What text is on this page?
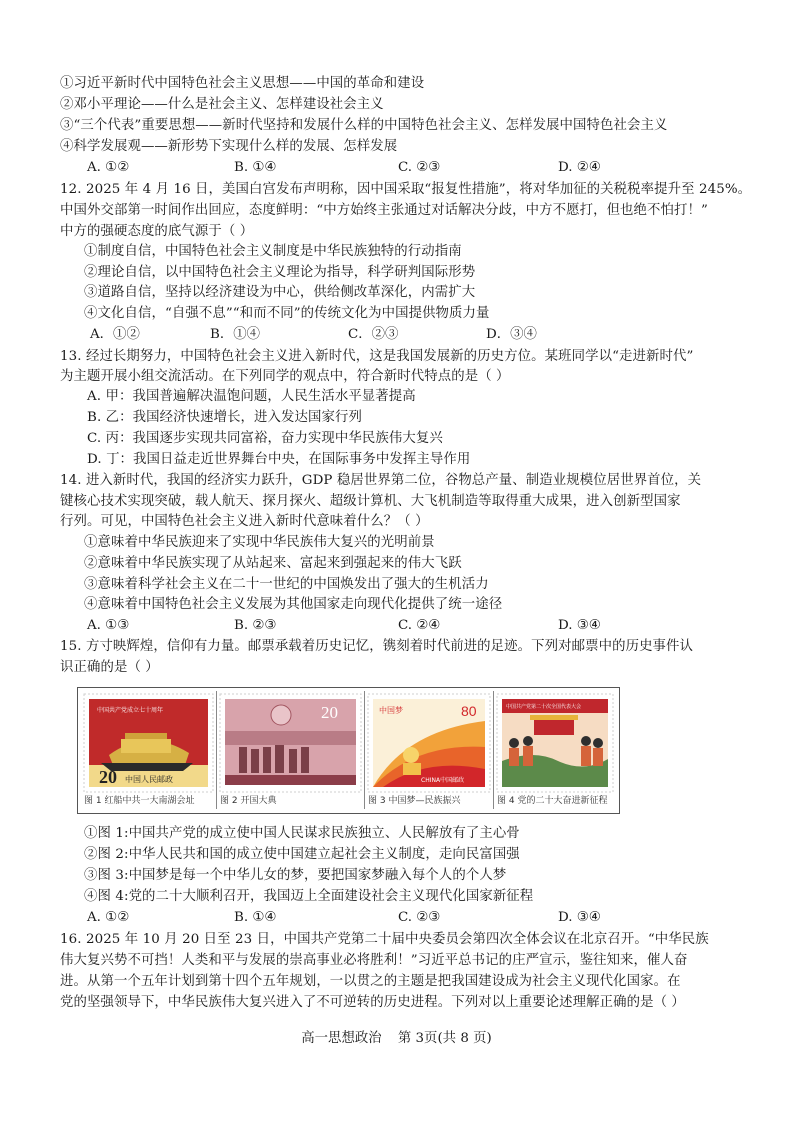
①习近平新时代中国特色社会主义思想——中国的革命和建设
②邓小平理论——什么是社会主义、怎样建设社会主义
③“三个代表”重要思想——新时代坚持和发展什么样的中国特色社会主义、怎样发展中国特色社会主义
④科学发展观——新形势下实现什么样的发展、怎样发展
A. ①②	B. ①④	C. ②③	D. ②④
12. 2025 年 4 月 16 日，美国白宫发布声明称，因中国采取“报复性措施”，将对华加征的关税税率提升至 245%。
中国外交部第一时间作出回应，态度鲜明：“中方始终主张通过对话解决分歧，中方不愿打，但也绝不怕打！”
中方的强硬态度的底气源于（ ）
①制度自信，中国特色社会主义制度是中华民族独特的行动指南
②理论自信，以中国特色社会主义理论为指导，科学研判国际形势
③道路自信，坚持以经济建设为中心，供给侧改革深化，内需扩大
④文化自信，“自强不息”“和而不同”的传统文化为中国提供物质力量
A．①②	B．①④	C．②③	D．③④
13. 经过长期努力，中国特色社会主义进入新时代，这是我国发展新的历史方位。某班同学以“走进新时代”
为主题开展小组交流活动。在下列同学的观点中，符合新时代特点的是（ ）
A. 甲：我国普遍解决温饱问题，人民生活水平显著提高
B. 乙：我国经济快速增长，进入发达国家行列
C. 丙：我国逐步实现共同富裕，奋力实现中华民族伟大复兴
D. 丁：我国日益走近世界舞台中央，在国际事务中发挥主导作用
14. 进入新时代，我国的经济实力跃升，GDP 稳居世界第二位，谷物总产量、制造业规模位居世界首位，关
键核心技术实现突破，载人航天、探月探火、超级计算机、大飞机制造等取得重大成果，进入创新型国家
行列。可见，中国特色社会主义进入新时代意味着什么？（ ）
①意味着中华民族迎来了实现中华民族伟大复兴的光明前景
②意味着中华民族实现了从站起来、富起来到强起来的伟大飞跃
③意味着科学社会主义在二十一世纪的中国焕发出了强大的生机活力
④意味着中国特色社会主义发展为其他国家走向现代化提供了统一途径
A. ①③	B. ②③	C. ②④	D. ③④
15. 方寸映辉煌，信仰有力量。邮票承载着历史记忆，镌刻着时代前进的足迹。下列对邮票中的历史事件认
识正确的是（ ）
中国共产党成立七十周年
20 中国人民邮政
图 1 红船中共一大南湖会址
20
图 2 开国大典
中国梦	80
CHINA中国邮政
图 3 中国梦—民族振兴
中国共产党第二十次全国代表大会
图 4 党的二十大奋进新征程
①图 1:中国共产党的成立使中国人民谋求民族独立、人民解放有了主心骨
②图 2:中华人民共和国的成立使中国建立起社会主义制度，走向民富国强
③图 3:中国梦是每一个中华儿女的梦，要把国家梦融入每个人的个人梦
④图 4:党的二十大顺利召开，我国迈上全面建设社会主义现代化国家新征程
A. ①②	B. ①④	C. ②③	D. ③④
16. 2025 年 10 月 20 日至 23 日，中国共产党第二十届中央委员会第四次全体会议在北京召开。“中华民族
伟大复兴势不可挡！人类和平与发展的崇高事业必将胜利！”习近平总书记的庄严宣示，鉴往知来，催人奋
进。从第一个五年计划到第十四个五年规划，一以贯之的主题是把我国建设成为社会主义现代化国家。在
党的坚强领导下，中华民族伟大复兴进入了不可逆转的历史进程。下列对以上重要论述理解正确的是（ ）
高一思想政治 第 3页(共 8 页)
